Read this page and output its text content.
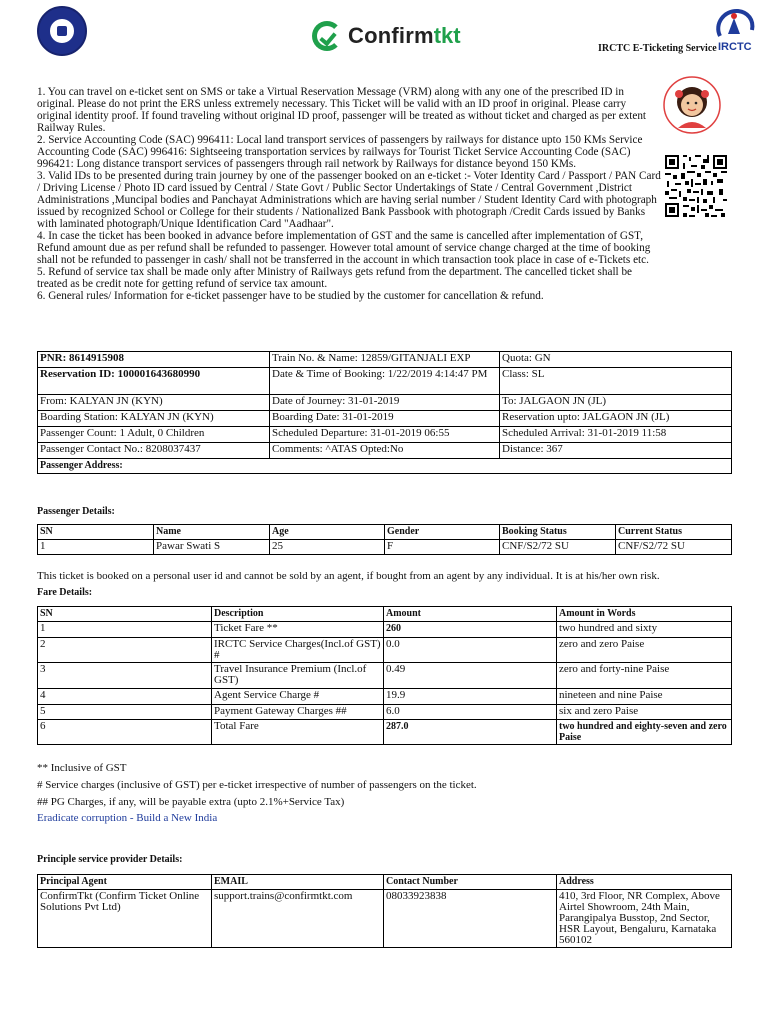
Confirm tkt
IRCTC E-Ticketing Service IRCTC

1. You can travel on e-ticket sent on SMS or take a Virtual Reservation Message (VRM) along with any one of the prescribed ID in original. Please do not print the ERS unless extremely necessary. This Ticket will be valid with an ID proof in original. Please carry original identity proof. If found traveling without original ID proof, passenger will be treated as without ticket and charged as per extent Railway Rules.

2. Service Accounting Code (SAC) 996411: Local land transport services of passengers by railways for distance upto 150 KMs Service Accounting Code (SAC) 996416: Sightseeing transportation services by railways for Tourist Ticket Service Accounting Code (SAC) 996421: Long distance transport services of passengers through rail network by Railways for distance beyond 150 KMs.

3. Valid IDs to be presented during train journey by one of the passenger booked on an e-ticket :- Voter Identity Card / Passport / PAN Card / Driving License / Photo ID card issued by Central / State Govt / Public Sector Undertakings of State / Central Government ,District Administrations ,Muncipal bodies and Panchayat Administrations which are having serial number / Student Identity Card with photograph issued by recognized School or College for their students / Nationalized Bank Passbook with photograph /Credit Cards issued by Banks with laminated photograph/Unique Identification Card "Aadhaar".

4. In case the ticket has been booked in advance before implementation of GST and the same is cancelled after implementation of GST, Refund amount due as per refund shall be refunded to passenger. However total amount of service change charged at the time of booking shall not be refunded to passenger in cash/ shall not be transferred in the account in which transaction took place in case of e-Tickets etc.

5. Refund of service tax shall be made only after Ministry of Railways gets refund from the department. The cancelled ticket shall be treated as be credit note for getting refund of service tax amount.

6. General rules/ Information for e-ticket passenger have to be studied by the customer for cancellation & refund.

PNR: 8614915908	Train No. & Name: 12859/GITANJALI EXP	Quota: GN
Reservation ID: 100001643680990	Date & Time of Booking: 1/22/2019 4:14:47 PM	Class: SL
From: KALYAN JN (KYN)	Date of Journey: 31-01-2019	To: JALGAON JN (JL)
Boarding Station: KALYAN JN (KYN)	Boarding Date: 31-01-2019	Reservation upto: JALGAON JN (JL)
Passenger Count: 1 Adult, 0 Children	Scheduled Departure: 31-01-2019 06:55	Scheduled Arrival: 31-01-2019 11:58
Passenger Contact No.: 8208037437	Comments: ^ATAS Opted:No	Distance: 367
Passenger Address:		
Passenger Details:
SN	Name	Age	Gender	Booking Status	Current Status
1	Pawar Swati S	25	F	CNF/S2/72 SU	CNF/S2/72 SU
This ticket is booked on a personal user id and cannot be sold by an agent, if bought from an agent by any individual. It is at his/her own risk.
Fare Details:
SN	Description	Amount	Amount in Words
1	Ticket Fare **	260	two hundred and sixty
2	IRCTC Service Charges(Incl.of GST) #	0.0	zero and zero Paise
3	Travel Insurance Premium (Incl.of GST)	0.49	zero and forty-nine Paise
4	Agent Service Charge #	19.9	nineteen and nine Paise
5	Payment Gateway Charges ##	6.0	six and zero Paise
6	Total Fare	287.0	two hundred and eighty-seven and zero Paise
** Inclusive of GST
# Service charges (inclusive of GST) per e-ticket irrespective of number of passengers on the ticket.
## PG Charges, if any, will be payable extra (upto 2.1%+Service Tax)
Eradicate corruption - Build a New India
Principle service provider Details:
Principal Agent	EMAIL	Contact Number	Address
ConfirmTkt (Confirm Ticket Online Solutions Pvt Ltd)	support.trains@confirmtkt.com	08033923838	410, 3rd Floor, NR Complex, Above Airtel Showroom, 24th Main, Parangipalya Busstop, 2nd Sector, HSR Layout, Bengaluru, Karnataka 560102
